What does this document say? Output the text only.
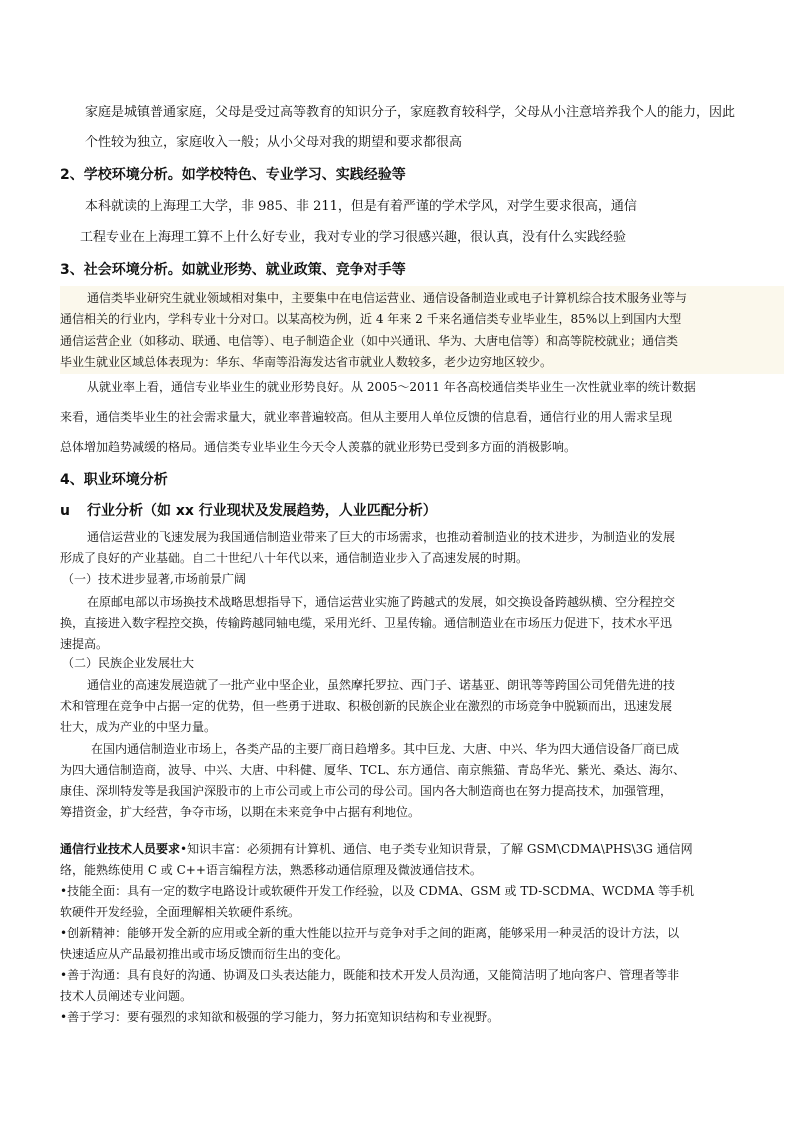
家庭是城镇普通家庭，父母是受过高等教育的知识分子，家庭教育较科学，父母从小注意培养我个人的能力，因此
个性较为独立，家庭收入一般；从小父母对我的期望和要求都很高
2、学校环境分析。如学校特色、专业学习、实践经验等
本科就读的上海理工大学，非 985、非 211，但是有着严谨的学术学风，对学生要求很高，通信
工程专业在上海理工算不上什么好专业，我对专业的学习很感兴趣，很认真，没有什么实践经验
3、社会环境分析。如就业形势、就业政策、竞争对手等
通信类毕业研究生就业领域相对集中，主要集中在电信运营业、通信设备制造业或电子计算机综合技术服务业等与
通信相关的行业内，学科专业十分对口。以某高校为例，近 4 年来 2 千来名通信类专业毕业生，85%以上到国内大型
通信运营企业（如移动、联通、电信等）、电子制造企业（如中兴通讯、华为、大唐电信等）和高等院校就业；通信类
毕业生就业区域总体表现为：华东、华南等沿海发达省市就业人数较多，老少边穷地区较少。
从就业率上看，通信专业毕业生的就业形势良好。从 2005～2011 年各高校通信类毕业生一次性就业率的统计数据
来看，通信类毕业生的社会需求量大，就业率普遍较高。但从主要用人单位反馈的信息看，通信行业的用人需求呈现
总体增加趋势减缓的格局。通信类专业毕业生今天令人羡慕的就业形势已受到多方面的消极影响。
4、职业环境分析
u 行业分析（如 xx 行业现状及发展趋势，人业匹配分析）
通信运营业的飞速发展为我国通信制造业带来了巨大的市场需求，也推动着制造业的技术进步，为制造业的发展
形成了良好的产业基础。自二十世纪八十年代以来，通信制造业步入了高速发展的时期。
（一）技术进步显著,市场前景广阔
在原邮电部以市场换技术战略思想指导下，通信运营业实施了跨越式的发展，如交换设备跨越纵横、空分程控交
换，直接进入数字程控交换，传输跨越同轴电缆，采用光纤、卫星传输。通信制造业在市场压力促进下，技术水平迅
速提高。
（二）民族企业发展壮大
通信业的高速发展造就了一批产业中坚企业，虽然摩托罗拉、西门子、诺基亚、朗讯等等跨国公司凭借先进的技
术和管理在竞争中占据一定的优势，但一些勇于进取、积极创新的民族企业在激烈的市场竞争中脱颖而出，迅速发展
壮大，成为产业的中坚力量。
在国内通信制造业市场上，各类产品的主要厂商日趋增多。其中巨龙、大唐、中兴、华为四大通信设备厂商已成
为四大通信制造商，波导、中兴、大唐、中科健、厦华、TCL、东方通信、南京熊猫、青岛华光、紫光、桑达、海尔、
康佳、深圳特发等是我国沪深股市的上市公司或上市公司的母公司。国内各大制造商也在努力提高技术，加强管理，
筹措资金，扩大经营，争夺市场，以期在未来竞争中占据有利地位。
通信行业技术人员要求•知识丰富：必须拥有计算机、通信、电子类专业知识背景，了解 GSM\CDMA\PHS\3G 通信网
络，能熟练使用 C 或 C++语言编程方法，熟悉移动通信原理及微波通信技术。
•技能全面：具有一定的数字电路设计或软硬件开发工作经验，以及 CDMA、GSM 或 TD-SCDMA、WCDMA 等手机
软硬件开发经验，全面理解相关软硬件系统。
•创新精神：能够开发全新的应用或全新的重大性能以拉开与竞争对手之间的距离，能够采用一种灵活的设计方法，以
快速适应从产品最初推出或市场反馈而衍生出的变化。
•善于沟通：具有良好的沟通、协调及口头表达能力，既能和技术开发人员沟通，又能简洁明了地向客户、管理者等非
技术人员阐述专业问题。
•善于学习：要有强烈的求知欲和极强的学习能力，努力拓宽知识结构和专业视野。
